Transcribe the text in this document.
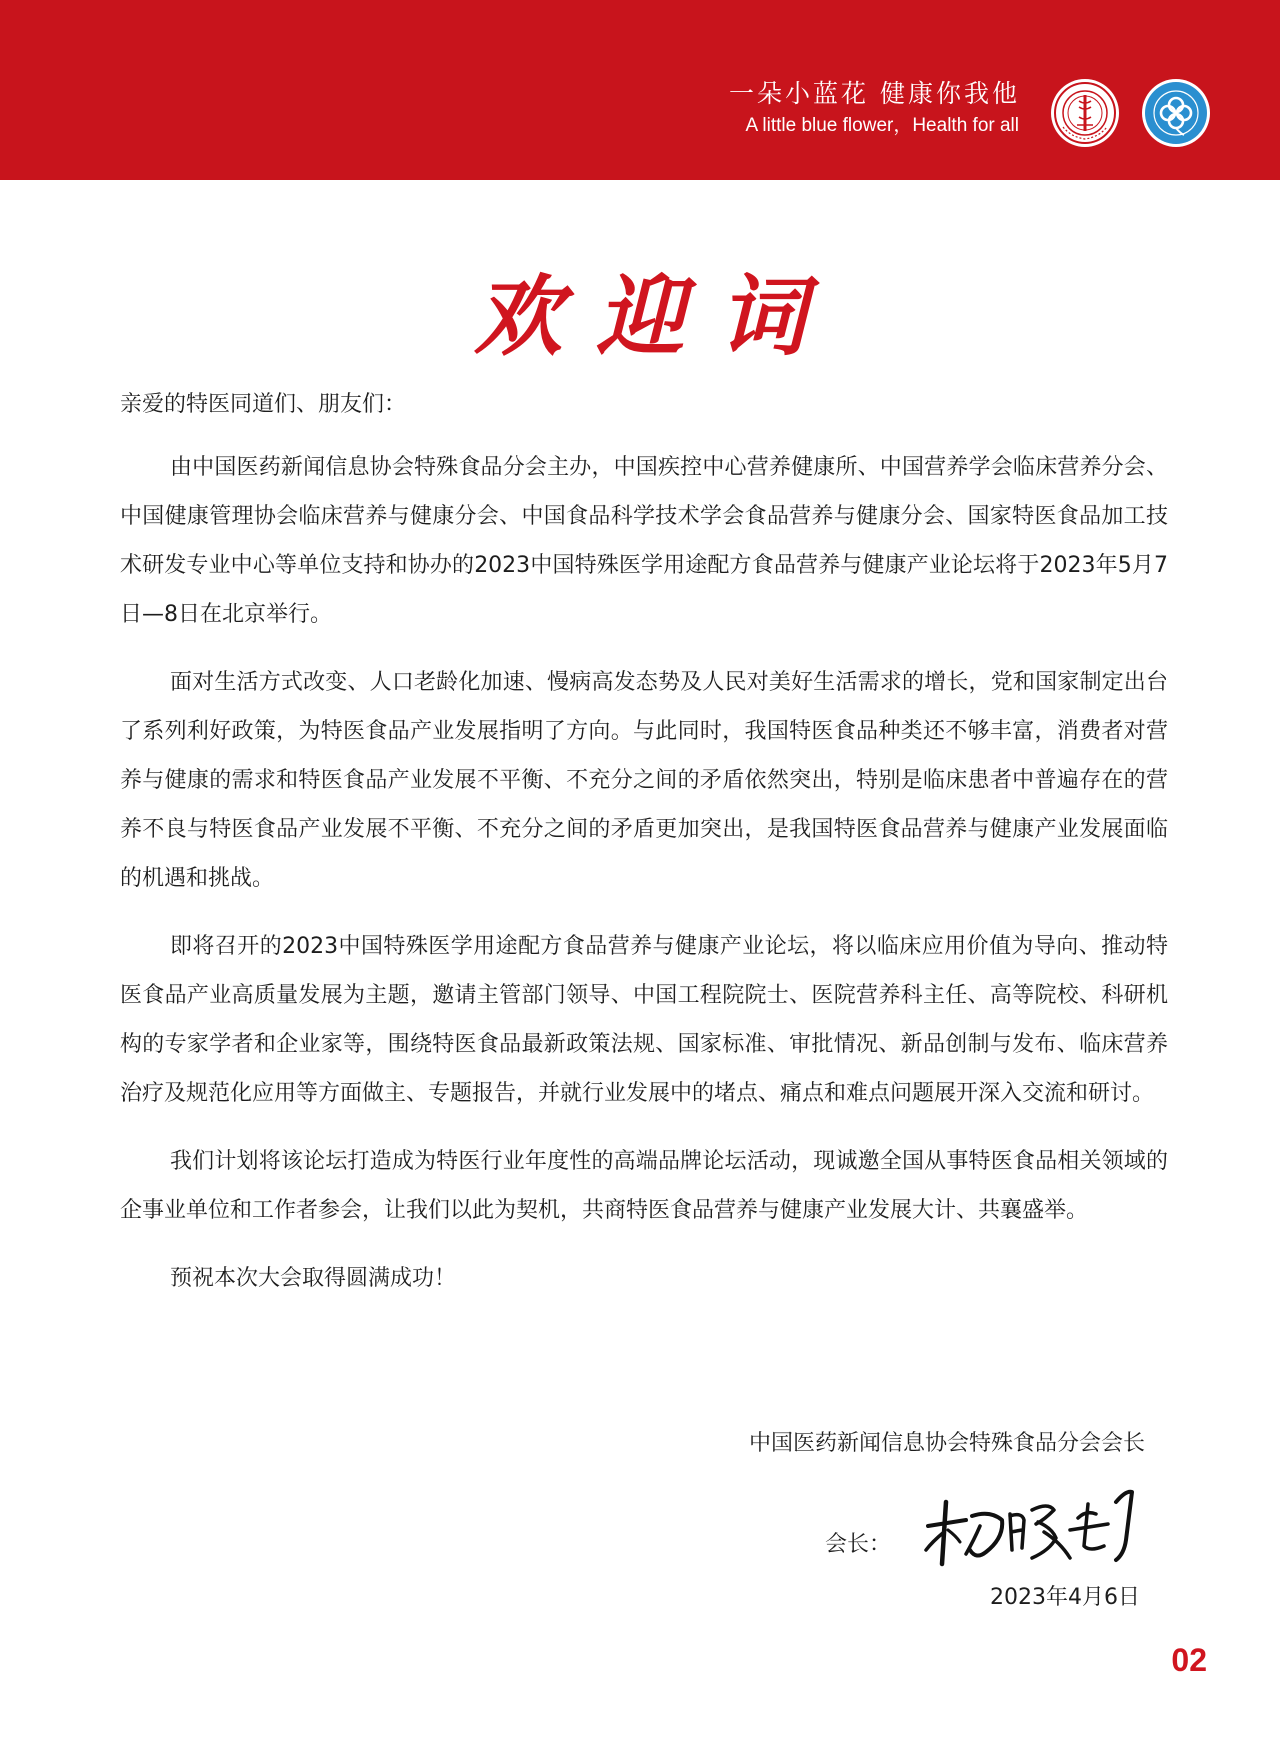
一朵小蓝花 健康你我他
A little blue flower，Health for all
欢迎词

亲爱的特医同道们、朋友们：

由中国医药新闻信息协会特殊食品分会主办，中国疾控中心营养健康所、中国营养学会临床营养分会、中国健康管理协会临床营养与健康分会、中国食品科学技术学会食品营养与健康分会、国家特医食品加工技术研发专业中心等单位支持和协办的2023中国特殊医学用途配方食品营养与健康产业论坛将于2023年5月7日—8日在北京举行。

面对生活方式改变、人口老龄化加速、慢病高发态势及人民对美好生活需求的增长，党和国家制定出台了系列利好政策，为特医食品产业发展指明了方向。与此同时，我国特医食品种类还不够丰富，消费者对营养与健康的需求和特医食品产业发展不平衡、不充分之间的矛盾依然突出，特别是临床患者中普遍存在的营养不良与特医食品产业发展不平衡、不充分之间的矛盾更加突出，是我国特医食品营养与健康产业发展面临的机遇和挑战。

即将召开的2023中国特殊医学用途配方食品营养与健康产业论坛，将以临床应用价值为导向、推动特医食品产业高质量发展为主题，邀请主管部门领导、中国工程院院士、医院营养科主任、高等院校、科研机构的专家学者和企业家等，围绕特医食品最新政策法规、国家标准、审批情况、新品创制与发布、临床营养治疗及规范化应用等方面做主、专题报告，并就行业发展中的堵点、痛点和难点问题展开深入交流和研讨。

我们计划将该论坛打造成为特医行业年度性的高端品牌论坛活动，现诚邀全国从事特医食品相关领域的企事业单位和工作者参会，让我们以此为契机，共商特医食品营养与健康产业发展大计、共襄盛举。

预祝本次大会取得圆满成功！

中国医药新闻信息协会特殊食品分会会长
会长：
2023年4月6日
02
